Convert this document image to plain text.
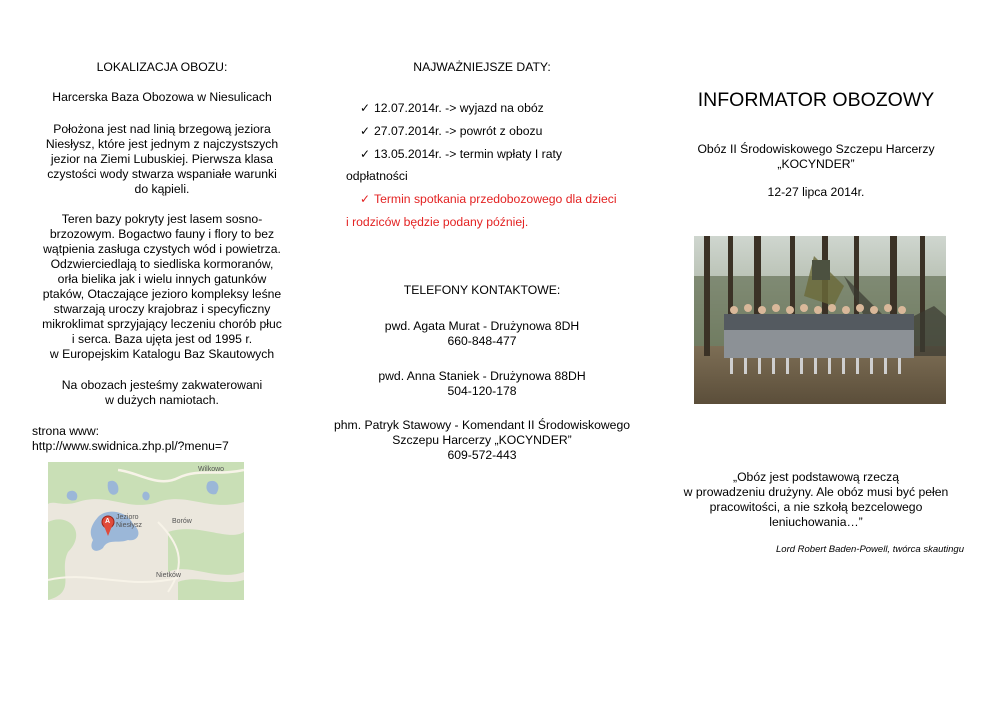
LOKALIZACJA OBOZU:
Harcerska Baza Obozowa w Niesulicach
Położona jest nad linią brzegową jeziora
Niesłysz, które jest jednym z najczystszych
jezior na Ziemi Lubuskiej. Pierwsza klasa
czystości wody stwarza wspaniałe warunki
do kąpieli.
Teren bazy pokryty jest lasem sosno-
brzozowym. Bogactwo fauny i flory to bez
wątpienia zasługa czystych wód i powietrza.
Odzwierciedlają to siedliska kormoranów,
orła bielika jak i wielu innych gatunków
ptaków, Otaczające jezioro kompleksy leśne
stwarzają uroczy krajobraz i specyficzny
mikroklimat sprzyjający leczeniu chorób płuc
i serca. Baza ujęta jest od 1995 r.
w Europejskim Katalogu Baz Skautowych
Na obozach jesteśmy zakwaterowani
w dużych namiotach.
strona www:
http://www.swidnica.zhp.pl/?menu=7
Wilkowo
Jezioro Niesłysz
Borów
Nietków
A
NAJWAŻNIEJSZE DATY:
✓ 12.07.2014r. -> wyjazd na obóz
✓ 27.07.2014r. -> powrót z obozu
✓ 13.05.2014r. -> termin wpłaty I raty
odpłatności
✓ Termin spotkania przedobozowego dla dzieci
i rodziców będzie podany później.
TELEFONY KONTAKTOWE:
pwd. Agata Murat - Drużynowa 8DH
660-848-477
pwd. Anna Staniek - Drużynowa 88DH
504-120-178
phm. Patryk Stawowy - Komendant II Środowiskowego
Szczepu Harcerzy „KOCYNDER”
609-572-443
INFORMATOR OBOZOWY
Obóz II Środowiskowego Szczepu Harcerzy
„KOCYNDER”
12-27 lipca 2014r.
„Obóz jest podstawową rzeczą
w prowadzeniu drużyny. Ale obóz musi być pełen
pracowitości, a nie szkołą bezcelowego
leniuchowania…”
Lord Robert Baden-Powell, twórca skautingu
